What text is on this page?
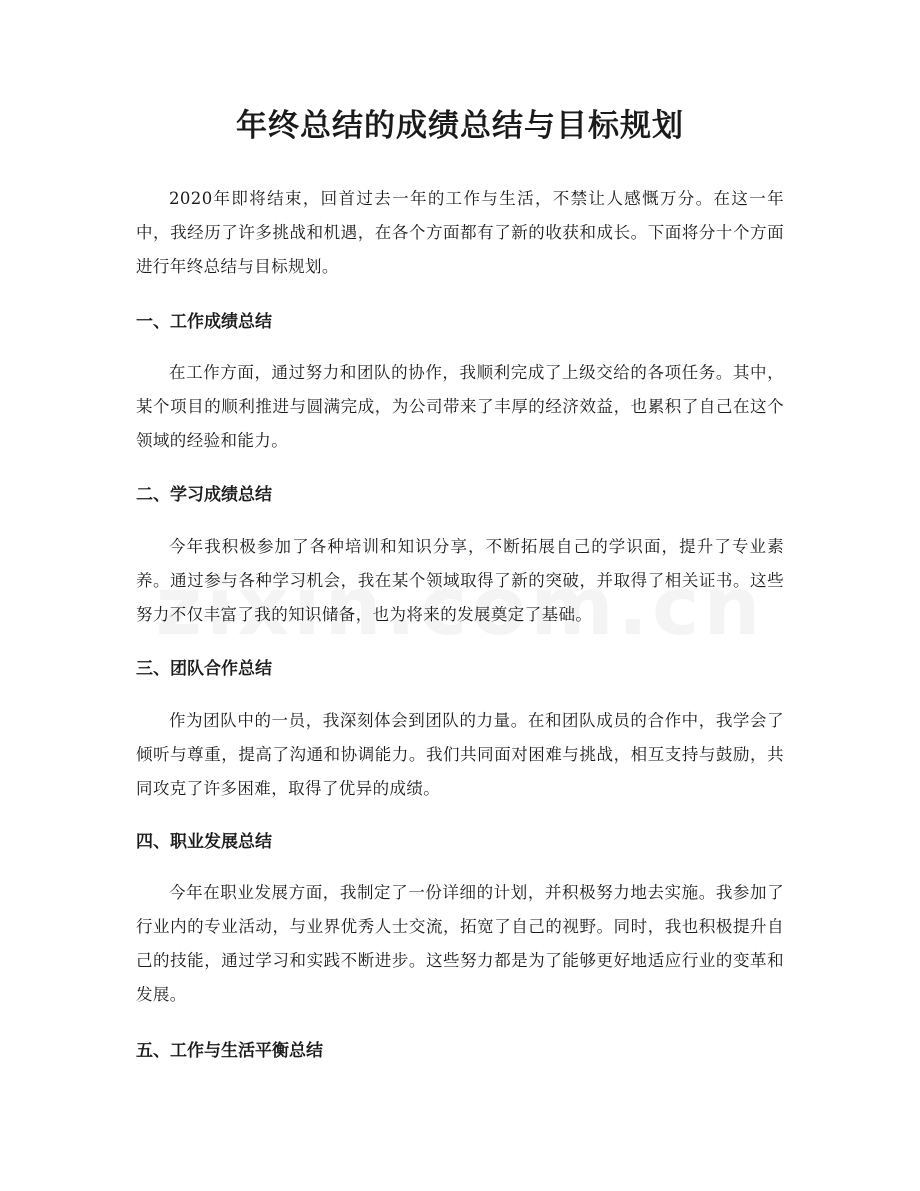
年终总结的成绩总结与目标规划

2020年即将结束，回首过去一年的工作与生活，不禁让人感慨万分。在这一年中，我经历了许多挑战和机遇，在各个方面都有了新的收获和成长。下面将分十个方面进行年终总结与目标规划。

一、工作成绩总结

在工作方面，通过努力和团队的协作，我顺利完成了上级交给的各项任务。其中，某个项目的顺利推进与圆满完成，为公司带来了丰厚的经济效益，也累积了自己在这个领域的经验和能力。

二、学习成绩总结

今年我积极参加了各种培训和知识分享，不断拓展自己的学识面，提升了专业素养。通过参与各种学习机会，我在某个领域取得了新的突破，并取得了相关证书。这些努力不仅丰富了我的知识储备，也为将来的发展奠定了基础。

三、团队合作总结

作为团队中的一员，我深刻体会到团队的力量。在和团队成员的合作中，我学会了倾听与尊重，提高了沟通和协调能力。我们共同面对困难与挑战，相互支持与鼓励，共同攻克了许多困难，取得了优异的成绩。

四、职业发展总结

今年在职业发展方面，我制定了一份详细的计划，并积极努力地去实施。我参加了行业内的专业活动，与业界优秀人士交流，拓宽了自己的视野。同时，我也积极提升自己的技能，通过学习和实践不断进步。这些努力都是为了能够更好地适应行业的变革和发展。

五、工作与生活平衡总结
